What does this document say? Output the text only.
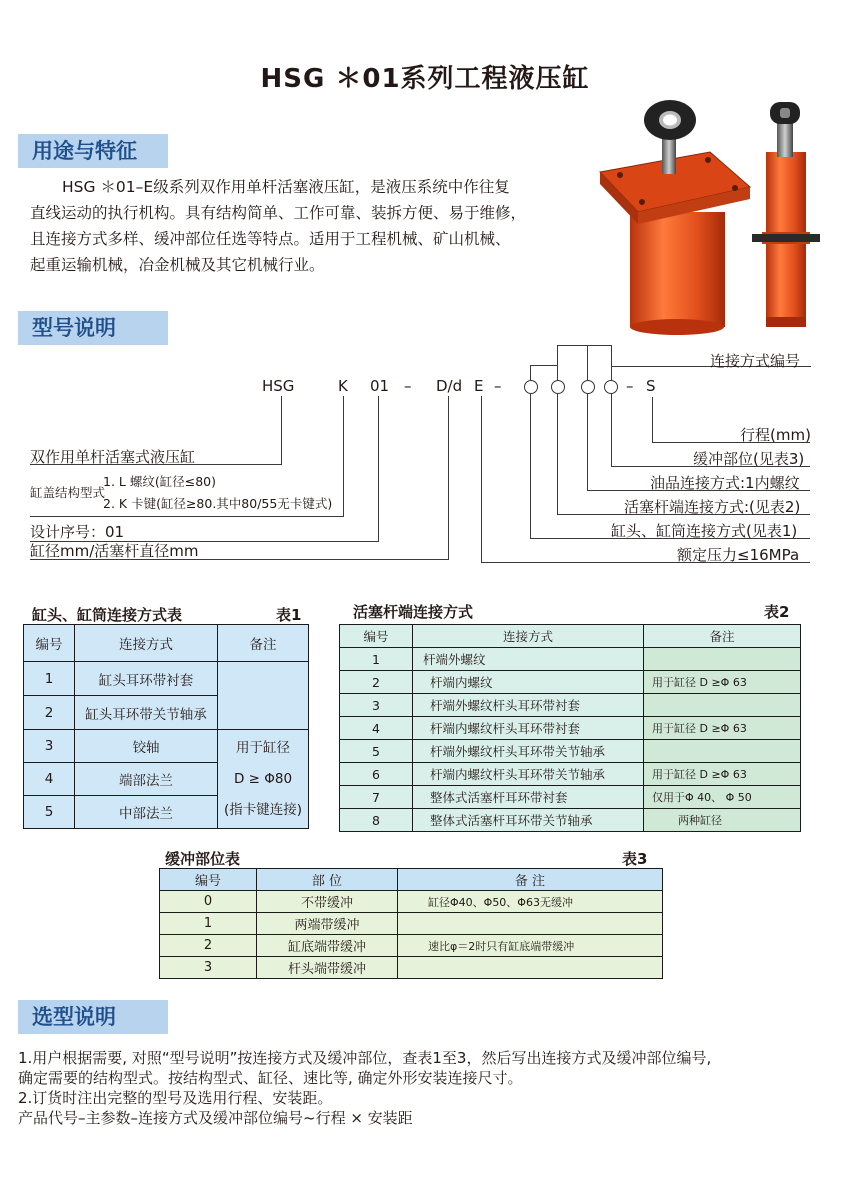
HSG ＊01系列工程液压缸
用途与特征
HSG ＊01–E级系列双作用单杆活塞液压缸，是液压系统中作往复
直线运动的执行机构。具有结构简单、工作可靠、装拆方便、易于维修，
且连接方式多样、缓冲部位任选等特点。适用于工程机械、矿山机械、
起重运输机械，冶金机械及其它机械行业。
型号说明
HSG	K 01 – D/d E –	– S
连接方式编号
行程(mm)
缓冲部位(见表3)
油品连接方式:1内螺纹
活塞杆端连接方式:(见表2)
缸头、缸筒连接方式(见表1)
额定压力≤16MPa
双作用单杆活塞式液压缸
缸盖结构型式
1. L 螺纹(缸径≤80)
2. K 卡键(缸径≥80.其中80/55无卡键式)
设计序号：01
缸径mm/活塞杆直径mm
缸头、缸筒连接方式表	表1
编号	连接方式	备注
1	缸头耳环带衬套	
2	缸头耳环带关节轴承	
3	铰轴	用于缸径
D ≥ Φ80
(指卡键连接)

4	端部法兰	
5	中部法兰	
活塞杆端连接方式	表2
编号	连接方式	备注
1	杆端外螺纹	
2	杆端内螺纹	用于缸径 D ≥Φ 63
3	杆端外螺纹杆头耳环带衬套	
4	杆端内螺纹杆头耳环带衬套	用于缸径 D ≥Φ 63
5	杆端外螺纹杆头耳环带关节轴承	
6	杆端内螺纹杆头耳环带关节轴承	用于缸径 D ≥Φ 63
7	整体式活塞杆耳环带衬套	仅用于Φ 40、 Φ 50
8	整体式活塞杆耳环带关节轴承	两种缸径
缓冲部位表	表3
编号	部 位	备 注
0	不带缓冲	缸径Φ40、Φ50、Φ63无缓冲
1	两端带缓冲	
2	缸底端带缓冲	速比φ＝2时只有缸底端带缓冲
3	杆头端带缓冲	
选型说明
1.用户根据需要, 对照“型号说明”按连接方式及缓冲部位，查表1至3，然后写出连接方式及缓冲部位编号,
确定需要的结构型式。按结构型式、缸径、速比等, 确定外形安装连接尺寸。
2.订货时注出完整的型号及选用行程、安装距。
产品代号–主参数–连接方式及缓冲部位编号~行程 × 安装距
